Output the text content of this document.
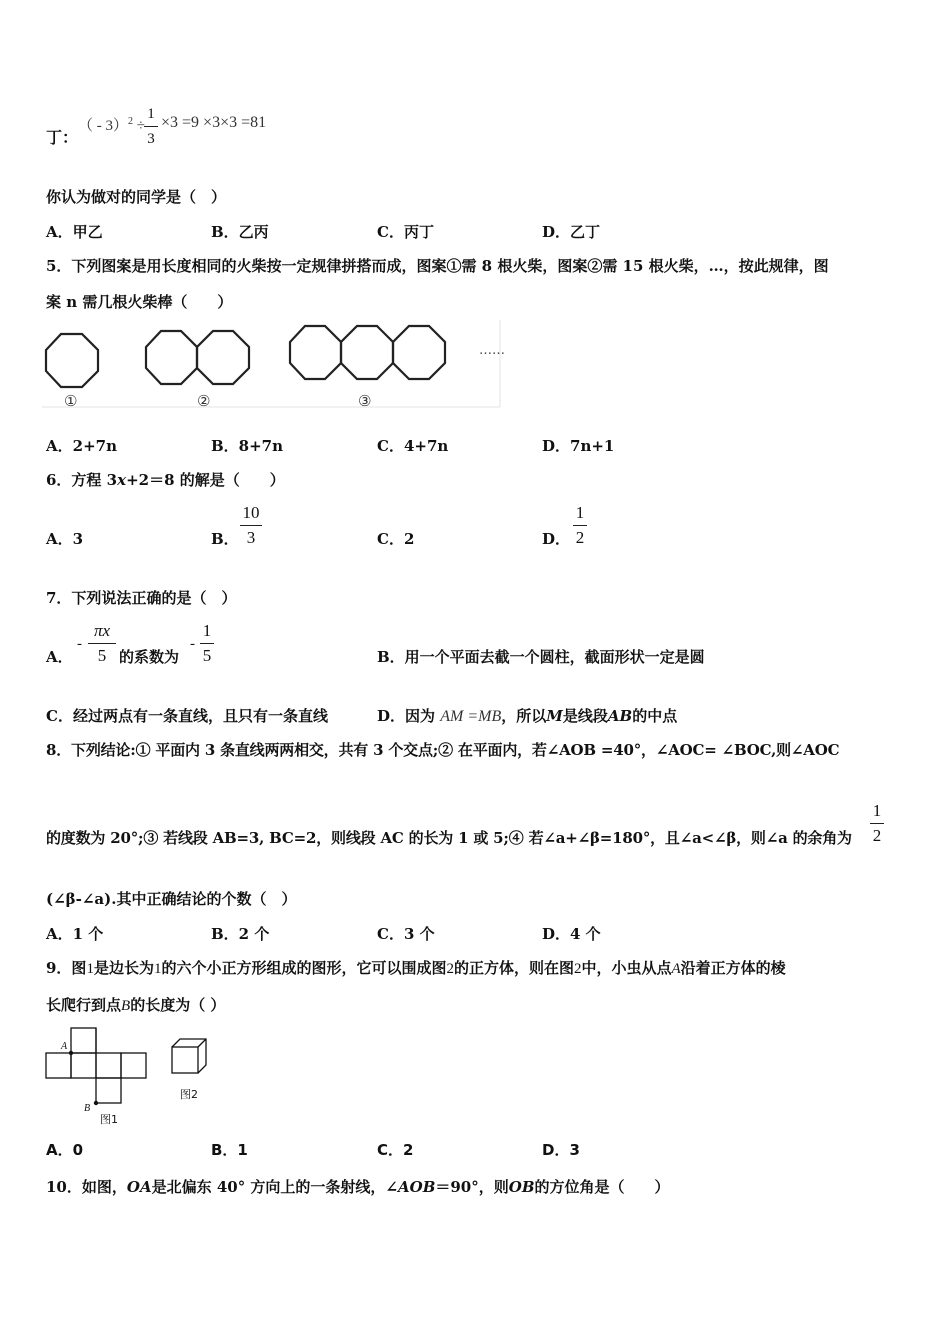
丁：
（ - 3）$^2$ ÷
1
3
×3 =9 ×3×3 =81
你认为做对的同学是（　）
A．甲乙	B．乙丙	C．丙丁	D．乙丁
5．下列图案是用长度相同的火柴按一定规律拼搭而成，图案①需 8 根火柴，图案②需 15 根火柴，…，按此规律，图
案 n 需几根火柴棒（　　）
……
①	②	③
A．2+7n	B．8+7n	C．4+7n	D．7n+1
6．方程 3x+2＝8 的解是（　　）
A．3	B．
10
3	C．2	D．
1
2
7．下列说法正确的是（　）
A．
-
πx
5 的系数为
-
1
5	B．用一个平面去截一个圆柱，截面形状一定是圆
C．经过两点有一条直线，且只有一条直线	D．因为 AM =MB，所以M是线段AB的中点
8．下列结论:① 平面内 3 条直线两两相交，共有 3 个交点;② 在平面内，若∠AOB =40°，∠AOC= ∠BOC,则∠AOC
的度数为 20°;③ 若线段 AB=3, BC=2，则线段 AC 的长为 1 或 5;④ 若∠a+∠β=180°，且∠a<∠β，则∠a 的余角为
1
2
(∠β-∠a).其中正确结论的个数（　）
A．1 个	B．2 个	C．3 个	D．4 个
9．图1是边长为1的六个小正方形组成的图形，它可以围成图2的正方体，则在图2中，小虫从点A沿着正方体的棱
长爬行到点B的长度为（ ）
A
B
图1
图2
A．0	B．1	C．2	D．3
10．如图，OA是北偏东 40° 方向上的一条射线，∠AOB＝90°，则OB的方位角是（　　）
